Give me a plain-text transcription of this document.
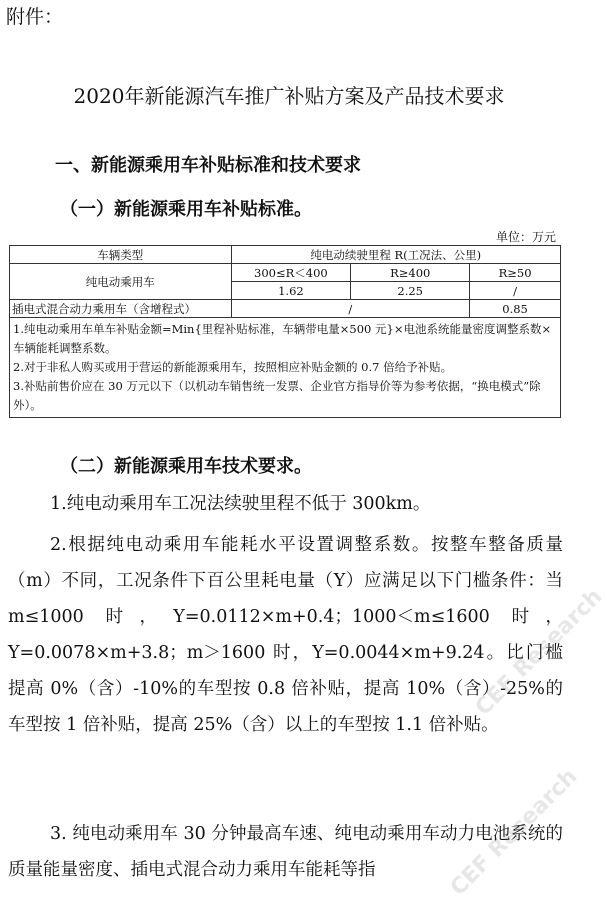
附件：
2020年新能源汽车推广补贴方案及产品技术要求
一、新能源乘用车补贴标准和技术要求
（一）新能源乘用车补贴标准。
单位：万元
车辆类型	纯电动续驶里程 R(工况法、公里)		
纯电动乘用车	300≤R＜400	R≥400	R≥50
	1.62	2.25	/
插电式混合动力乘用车（含增程式）	/		0.85

1.纯电动乘用车单车补贴金额=Min{里程补贴标准，车辆带电量×500 元}×电池系统能量密度调整系数×车辆能耗调整系数。
2.对于非私人购买或用于营运的新能源乘用车，按照相应补贴金额的 0.7 倍给予补贴。
3.补贴前售价应在 30 万元以下（以机动车销售统一发票、企业官方指导价等为参考依据，“换电模式”除外）。			
（二）新能源乘用车技术要求。
1.纯电动乘用车工况法续驶里程不低于 300km。
2.根据纯电动乘用车能耗水平设置调整系数。按整车整备质量（m）不同，工况条件下百公里耗电量（Y）应满足以下门槛条件：当 m≤1000 时，Y=0.0112×m+0.4；1000＜m≤1600 时，Y=0.0078×m+3.8；m＞1600 时，Y=0.0044×m+9.24。比门槛提高 0%（含）-10%的车型按 0.8 倍补贴，提高 10%（含）-25%的车型按 1 倍补贴，提高 25%（含）以上的车型按 1.1 倍补贴。
3. 纯电动乘用车 30 分钟最高车速、纯电动乘用车动力电池系统的质量能量密度、插电式混合动力乘用车能耗等指
CEF Research
CEF Research
